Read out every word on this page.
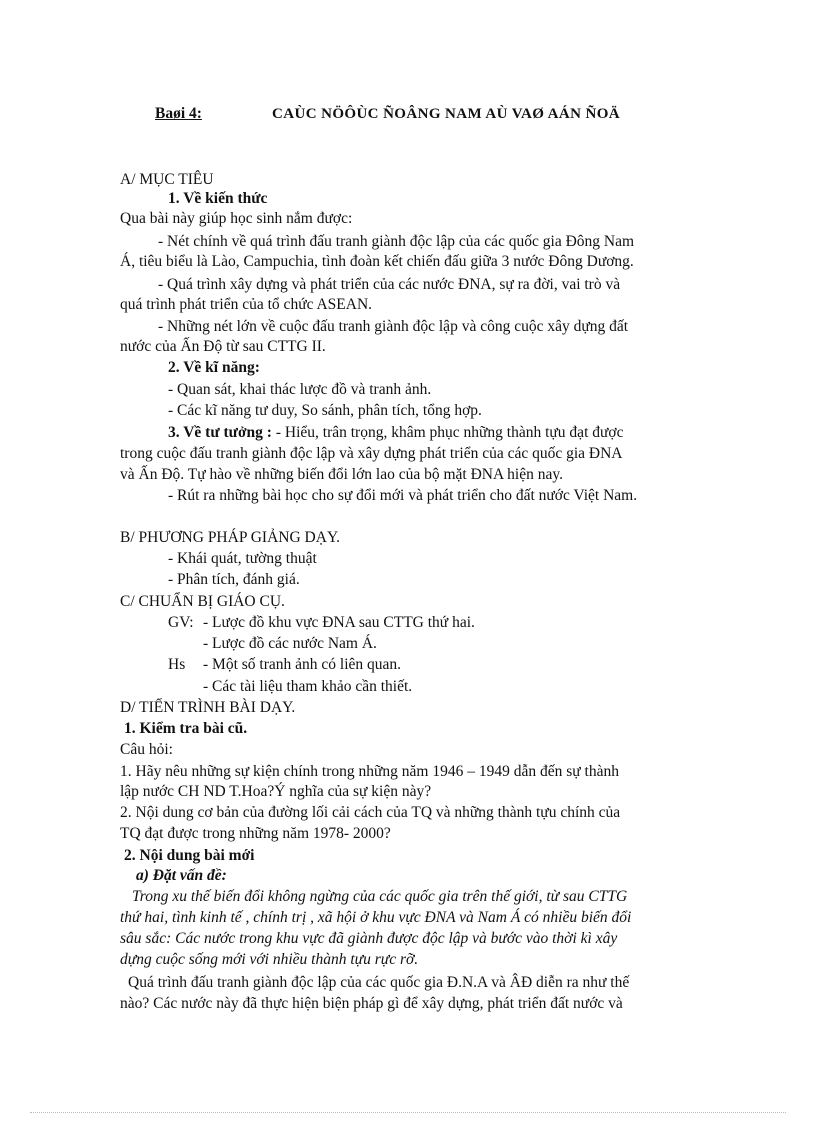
Baøi 4:	CAÙC NÖÔÙC ÑOÂNG NAM AÙ VAØ AÁN ÑOÄ
A/ MỤC TIÊU
1. Về kiến thức
Qua bài này giúp học sinh nắm được:
- Nét chính về quá trình đấu tranh giành độc lập của các quốc gia Đông Nam
Á, tiêu biểu là Lào, Campuchia, tình đoàn kết chiến đấu giữa 3 nước Đông Dương.
- Quá trình xây dựng và phát triển của các nước ĐNA, sự ra đời, vai trò và
quá trình phát triển của tổ chức ASEAN.
- Những nét lớn về cuộc đấu tranh giành độc lập và công cuộc xây dựng đất
nước của Ấn Độ từ sau CTTG II.
2. Về kĩ năng:
- Quan sát, khai thác lược đồ và tranh ảnh.
- Các kĩ năng tư duy, So sánh, phân tích, tổng hợp.
3. Về tư tưởng : - Hiểu, trân trọng, khâm phục những thành tựu đạt được
trong cuộc đấu tranh giành độc lập và xây dựng phát triển của các quốc gia ĐNA
và Ấn Độ. Tự hào về những biến đổi lớn lao của bộ mặt ĐNA hiện nay.
- Rút ra những bài học cho sự đổi mới và phát triển cho đất nước Việt Nam.
B/ PHƯƠNG PHÁP GIẢNG DẠY.
- Khái quát, tường thuật
- Phân tích, đánh giá.
C/ CHUẨN BỊ GIÁO CỤ.
GV: - Lược đồ khu vực ĐNA sau CTTG thứ hai.
- Lược đồ các nước Nam Á.
Hs - Một số tranh ảnh có liên quan.
- Các tài liệu tham khảo cần thiết.
D/ TIẾN TRÌNH BÀI DẠY.
1. Kiểm tra bài cũ.
Câu hỏi:
1. Hãy nêu những sự kiện chính trong những năm 1946 – 1949 dẫn đến sự thành
lập nước CH ND T.Hoa?Ý nghĩa của sự kiện này?
2. Nội dung cơ bản của đường lối cải cách của TQ và những thành tựu chính của
TQ đạt được trong những năm 1978- 2000?
2. Nội dung bài mới
a) Đặt vấn đề:
Trong xu thế biến đổi không ngừng của các quốc gia trên thế giới, từ sau CTTG
thứ hai, tình kinh tế , chính trị , xã hội ở khu vực ĐNA và Nam Á có nhiều biến đổi
sâu sắc: Các nước trong khu vực đã giành được độc lập và bước vào thời kì xây
dựng cuộc sống mới với nhiều thành tựu rực rỡ.
Quá trình đấu tranh giành độc lập của các quốc gia Đ.N.A và ÂĐ diễn ra như thế
nào? Các nước này đã thực hiện biện pháp gì để xây dựng, phát triển đất nước và
